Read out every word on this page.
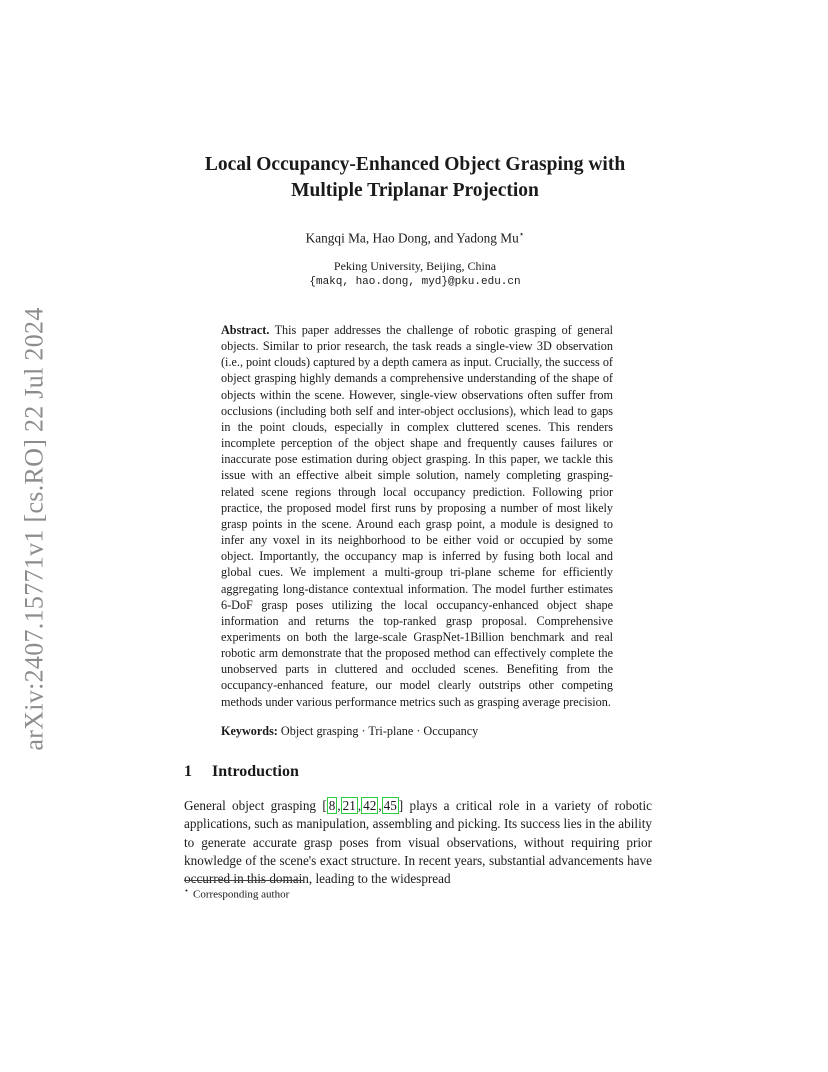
arXiv:2407.15771v1 [cs.RO] 22 Jul 2024
Local Occupancy-Enhanced Object Grasping with
Multiple Triplanar Projection
Kangqi Ma, Hao Dong, and Yadong Mu⋆
Peking University, Beijing, China
{makq, hao.dong, myd}@pku.edu.cn
Abstract. This paper addresses the challenge of robotic grasping of general objects. Similar to prior research, the task reads a single-view 3D observation (i.e., point clouds) captured by a depth camera as input. Crucially, the success of object grasping highly demands a comprehensive understanding of the shape of objects within the scene. However, single-view observations often suffer from occlusions (including both self and inter-object occlusions), which lead to gaps in the point clouds, especially in complex cluttered scenes. This renders incomplete perception of the object shape and frequently causes failures or inaccurate pose estimation during object grasping. In this paper, we tackle this issue with an effective albeit simple solution, namely completing grasping-related scene regions through local occupancy prediction. Following prior practice, the proposed model first runs by proposing a number of most likely grasp points in the scene. Around each grasp point, a module is designed to infer any voxel in its neighborhood to be either void or occupied by some object. Importantly, the occupancy map is inferred by fusing both local and global cues. We implement a multi-group tri-plane scheme for efficiently aggregating long-distance contextual information. The model further estimates 6-DoF grasp poses utilizing the local occupancy-enhanced object shape information and returns the top-ranked grasp proposal. Comprehensive experiments on both the large-scale GraspNet-1Billion benchmark and real robotic arm demonstrate that the proposed method can effectively complete the unobserved parts in cluttered and occluded scenes. Benefiting from the occupancy-enhanced feature, our model clearly outstrips other competing methods under various performance metrics such as grasping average precision.
Keywords: Object grasping · Tri-plane · Occupancy
1 Introduction
General object grasping [ 8 , 21 , 42 , 45 ] plays a critical role in a variety of robotic applications, such as manipulation, assembling and picking. Its success lies in the ability to generate accurate grasp poses from visual observations, without requiring prior knowledge of the scene's exact structure. In recent years, substantial advancements have occurred in this domain, leading to the widespread
⋆ Corresponding author
